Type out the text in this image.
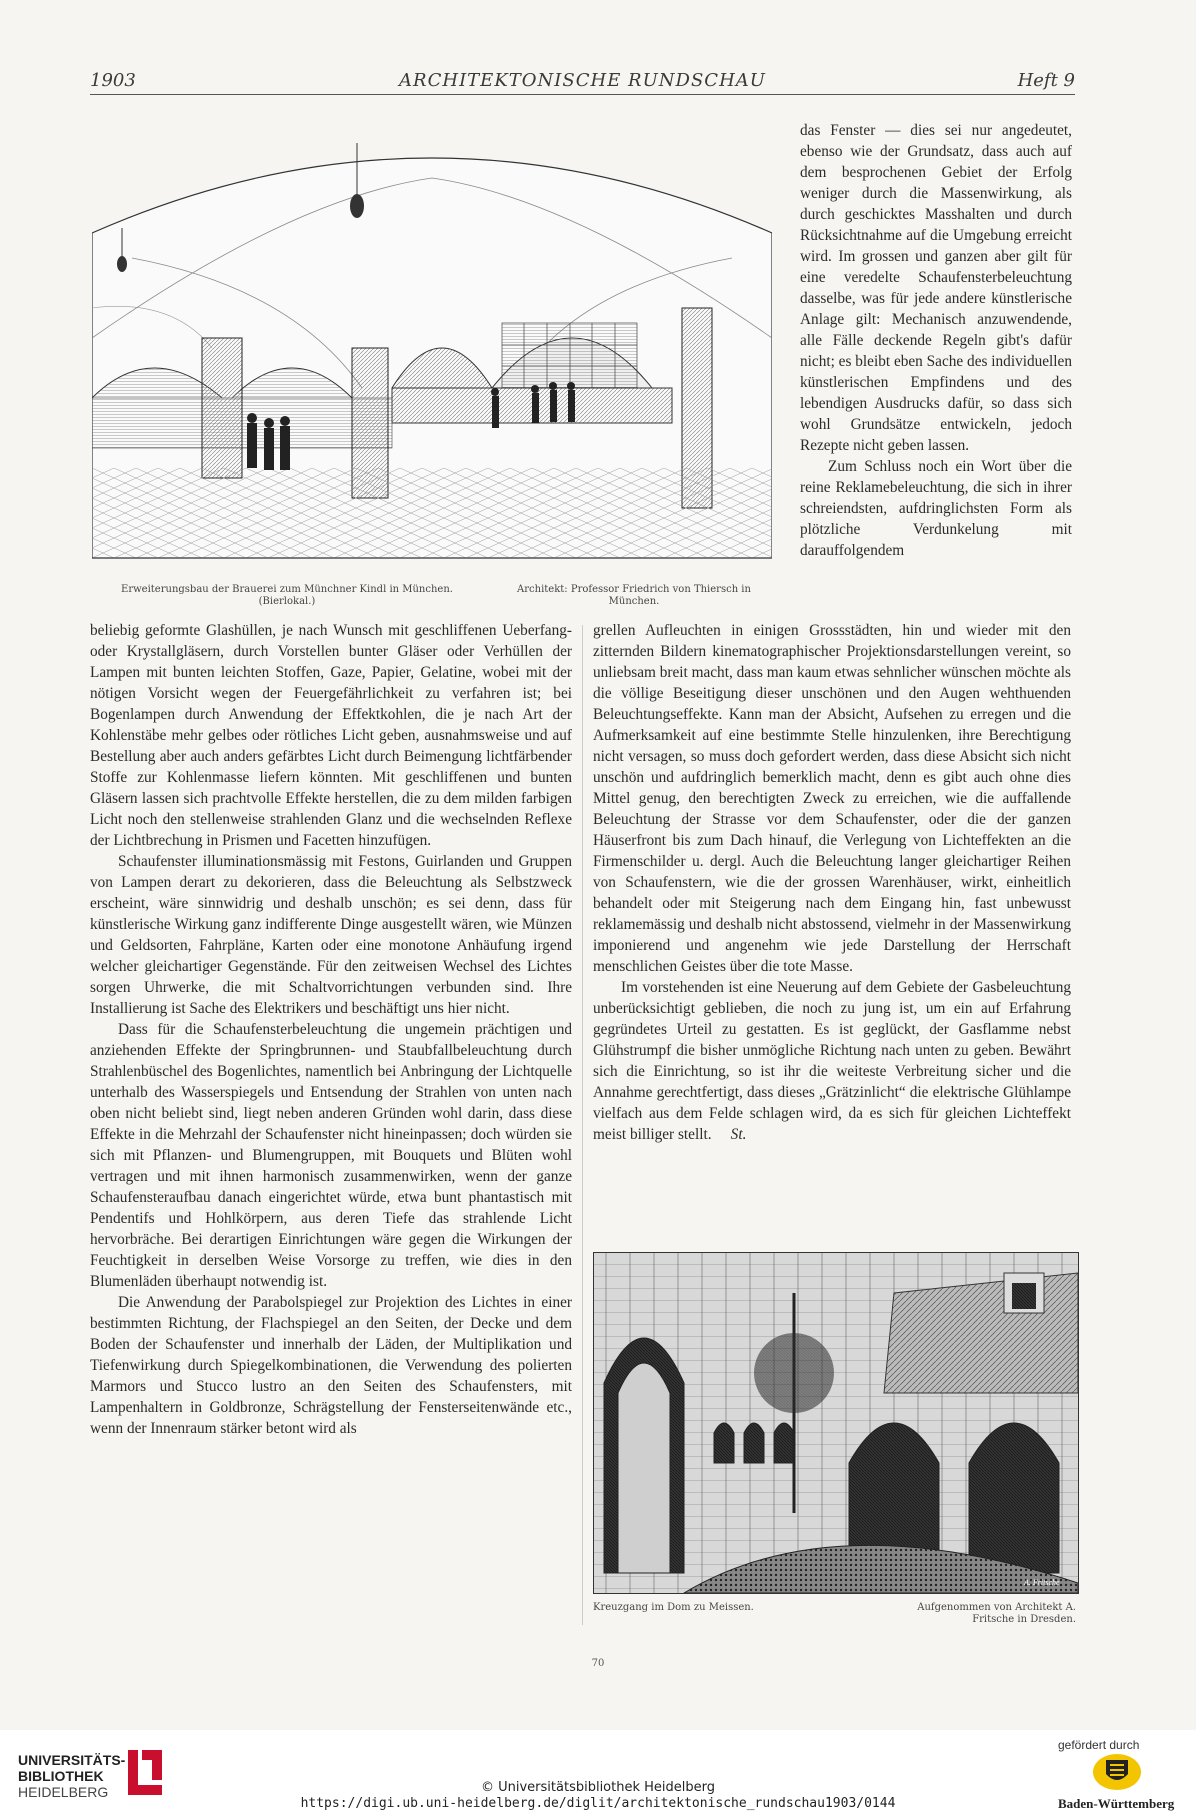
1903	ARCHITEKTONISCHE RUNDSCHAU	Heft 9
Erweiterungsbau der Brauerei zum Münchner Kindl in München. (Bierlokal.)
Architekt: Professor Friedrich von Thiersch in München.

das Fenster — dies sei nur angedeutet, ebenso wie der Grundsatz, dass auch auf dem besprochenen Gebiet der Erfolg weniger durch die Massenwirkung, als durch geschicktes Masshalten und durch Rücksichtnahme auf die Umgebung erreicht wird. Im grossen und ganzen aber gilt für eine veredelte Schaufensterbeleuchtung dasselbe, was für jede andere künstlerische Anlage gilt: Mechanisch anzuwendende, alle Fälle deckende Regeln gibt's dafür nicht; es bleibt eben Sache des individuellen künstlerischen Empfindens und des lebendigen Ausdrucks dafür, so dass sich wohl Grundsätze entwickeln, jedoch Rezepte nicht geben lassen.

Zum Schluss noch ein Wort über die reine Reklamebeleuchtung, die sich in ihrer schreiendsten, aufdringlichsten Form als plötzliche Verdunkelung mit darauffolgendem

beliebig geformte Glashüllen, je nach Wunsch mit geschliffenen Ueberfang- oder Krystallgläsern, durch Vorstellen bunter Gläser oder Verhüllen der Lampen mit bunten leichten Stoffen, Gaze, Papier, Gelatine, wobei mit der nötigen Vorsicht wegen der Feuergefährlichkeit zu verfahren ist; bei Bogenlampen durch Anwendung der Effektkohlen, die je nach Art der Kohlenstäbe mehr gelbes oder rötliches Licht geben, ausnahmsweise und auf Bestellung aber auch anders gefärbtes Licht durch Beimengung lichtfärbender Stoffe zur Kohlenmasse liefern könnten. Mit geschliffenen und bunten Gläsern lassen sich prachtvolle Effekte herstellen, die zu dem milden farbigen Licht noch den stellenweise strahlenden Glanz und die wechselnden Reflexe der Lichtbrechung in Prismen und Facetten hinzufügen.

Schaufenster illuminationsmässig mit Festons, Guirlanden und Gruppen von Lampen derart zu dekorieren, dass die Beleuchtung als Selbstzweck erscheint, wäre sinnwidrig und deshalb unschön; es sei denn, dass für künstlerische Wirkung ganz indifferente Dinge ausgestellt wären, wie Münzen und Geldsorten, Fahrpläne, Karten oder eine monotone Anhäufung irgend welcher gleichartiger Gegenstände. Für den zeitweisen Wechsel des Lichtes sorgen Uhrwerke, die mit Schaltvorrichtungen verbunden sind. Ihre Installierung ist Sache des Elektrikers und beschäftigt uns hier nicht.

Dass für die Schaufensterbeleuchtung die ungemein prächtigen und anziehenden Effekte der Springbrunnen- und Staubfallbeleuchtung durch Strahlenbüschel des Bogenlichtes, namentlich bei Anbringung der Lichtquelle unterhalb des Wasserspiegels und Entsendung der Strahlen von unten nach oben nicht beliebt sind, liegt neben anderen Gründen wohl darin, dass diese Effekte in die Mehrzahl der Schaufenster nicht hineinpassen; doch würden sie sich mit Pflanzen- und Blumengruppen, mit Bouquets und Blüten wohl vertragen und mit ihnen harmonisch zusammenwirken, wenn der ganze Schaufensteraufbau danach eingerichtet würde, etwa bunt phantastisch mit Pendentifs und Hohlkörpern, aus deren Tiefe das strahlende Licht hervorbräche. Bei derartigen Einrichtungen wäre gegen die Wirkungen der Feuchtigkeit in derselben Weise Vorsorge zu treffen, wie dies in den Blumenläden überhaupt notwendig ist.

Die Anwendung der Parabolspiegel zur Projektion des Lichtes in einer bestimmten Richtung, der Flachspiegel an den Seiten, der Decke und dem Boden der Schaufenster und innerhalb der Läden, der Multiplikation und Tiefenwirkung durch Spiegelkombinationen, die Verwendung des polierten Marmors und Stucco lustro an den Seiten des Schaufensters, mit Lampenhaltern in Goldbronze, Schrägstellung der Fensterseitenwände etc., wenn der Innenraum stärker betont wird als

grellen Aufleuchten in einigen Grossstädten, hin und wieder mit den zitternden Bildern kinematographischer Projektionsdarstellungen vereint, so unliebsam breit macht, dass man kaum etwas sehnlicher wünschen möchte als die völlige Beseitigung dieser unschönen und den Augen wehthuenden Beleuchtungseffekte. Kann man der Absicht, Aufsehen zu erregen und die Aufmerksamkeit auf eine bestimmte Stelle hinzulenken, ihre Berechtigung nicht versagen, so muss doch gefordert werden, dass diese Absicht sich nicht unschön und aufdringlich bemerklich macht, denn es gibt auch ohne dies Mittel genug, den berechtigten Zweck zu erreichen, wie die auffallende Beleuchtung der Strasse vor dem Schaufenster, oder die der ganzen Häuserfront bis zum Dach hinauf, die Verlegung von Lichteffekten an die Firmenschilder u. dergl. Auch die Beleuchtung langer gleichartiger Reihen von Schaufenstern, wie die der grossen Warenhäuser, wirkt, einheitlich behandelt oder mit Steigerung nach dem Eingang hin, fast unbewusst reklamemässig und deshalb nicht abstossend, vielmehr in der Massenwirkung imponierend und angenehm wie jede Darstellung der Herrschaft menschlichen Geistes über die tote Masse.

Im vorstehenden ist eine Neuerung auf dem Gebiete der Gasbeleuchtung unberücksichtigt geblieben, die noch zu jung ist, um ein auf Erfahrung gegründetes Urteil zu gestatten. Es ist geglückt, der Gasflamme nebst Glühstrumpf die bisher unmögliche Richtung nach unten zu geben. Bewährt sich die Einrichtung, so ist ihr die weiteste Verbreitung sicher und die Annahme gerechtfertigt, dass dieses „Grätzinlicht“ die elektrische Glühlampe vielfach aus dem Felde schlagen wird, da es sich für gleichen Lichteffekt meist billiger stellt. St.

A. Fritsche
Kreuzgang im Dom zu Meissen.	Aufgenommen von Architekt A. Fritsche in Dresden.
70
UNIVERSITÄTS-
BIBLIOTHEK
HEIDELBERG	© Universitätsbibliothek Heidelberg
https://digi.ub.uni-heidelberg.de/diglit/architektonische_rundschau1903/0144
gefördert durch
Baden-Württemberg
